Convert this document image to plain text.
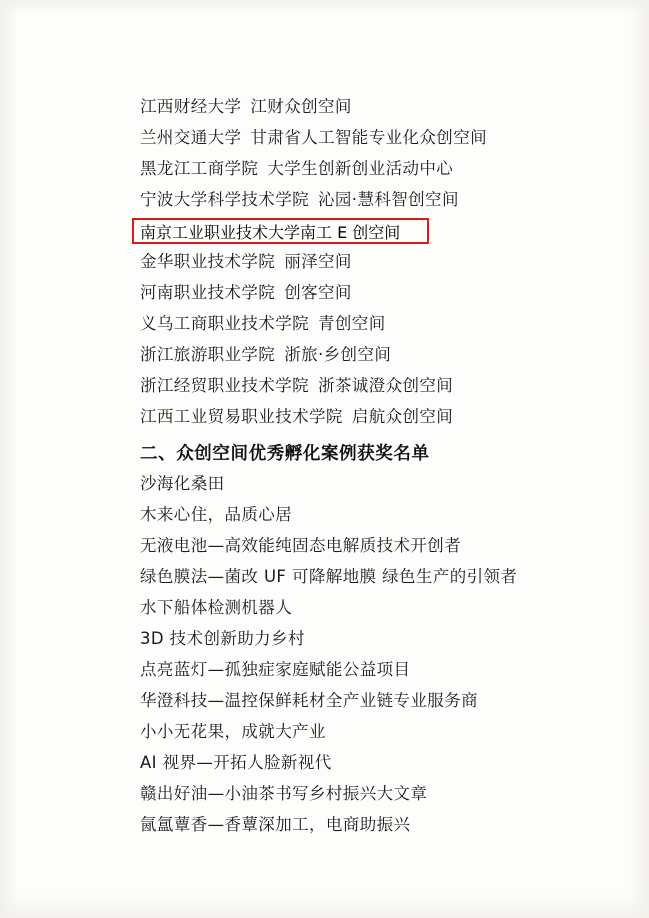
江西财经大学 江财众创空间
兰州交通大学 甘肃省人工智能专业化众创空间
黑龙江工商学院 大学生创新创业活动中心
宁波大学科学技术学院 沁园·慧科智创空间
南京工业职业技术大学 南工 E 创空间
金华职业技术学院 丽泽空间
河南职业技术学院 创客空间
义乌工商职业技术学院 青创空间
浙江旅游职业学院 浙旅·乡创空间
浙江经贸职业技术学院 浙茶诚澄众创空间
江西工业贸易职业技术学院 启航众创空间
二、众创空间优秀孵化案例获奖名单
沙海化桑田
木来心住，品质心居
无液电池—高效能纯固态电解质技术开创者
绿色膜法—菌改 UF 可降解地膜 绿色生产的引领者
水下船体检测机器人
3D 技术创新助力乡村
点亮蓝灯—孤独症家庭赋能公益项目
华澄科技—温控保鲜耗材全产业链专业服务商
小小无花果，成就大产业
AI 视界—开拓人脸新视代
赣出好油—小油茶书写乡村振兴大文章
氤氲蕈香—香蕈深加工，电商助振兴
